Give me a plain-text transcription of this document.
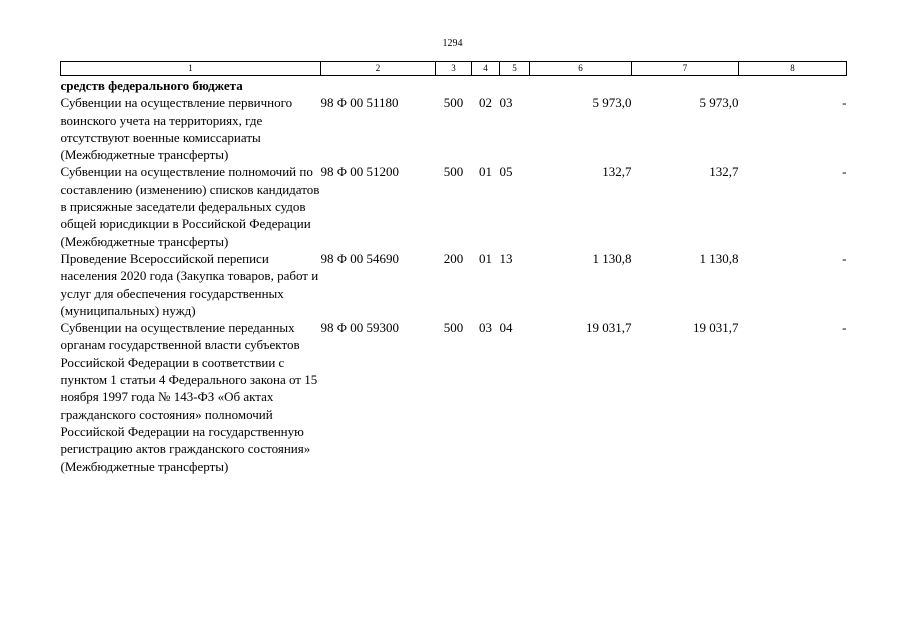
1294
1	2	3	4	5	6	7	8
средств федерального бюджета							
Субвенции на осуществление первичного воинского учета на территориях, где отсутствуют военные комиссариаты (Межбюджетные трансферты)	98 Ф 00 51180	500	02	03	5 973,0	5 973,0	-
Субвенции на осуществление полномочий по составлению (изменению) списков кандидатов в присяжные заседатели федеральных судов общей юрисдикции в Российской Федерации (Межбюджетные трансферты)	98 Ф 00 51200	500	01	05	132,7	132,7	-
Проведение Всероссийской переписи населения 2020 года (Закупка товаров, работ и услуг для обеспечения государственных (муниципальных) нужд)	98 Ф 00 54690	200	01	13	1 130,8	1 130,8	-
Субвенции на осуществление переданных органам государственной власти субъектов Российской Федерации в соответствии с пунктом 1 статьи 4 Федерального закона от 15 ноября 1997 года № 143-ФЗ «Об актах гражданского состояния» полномочий Российской Федерации на государственную регистрацию актов гражданского состояния» (Межбюджетные трансферты)	98 Ф 00 59300	500	03	04	19 031,7	19 031,7	-
